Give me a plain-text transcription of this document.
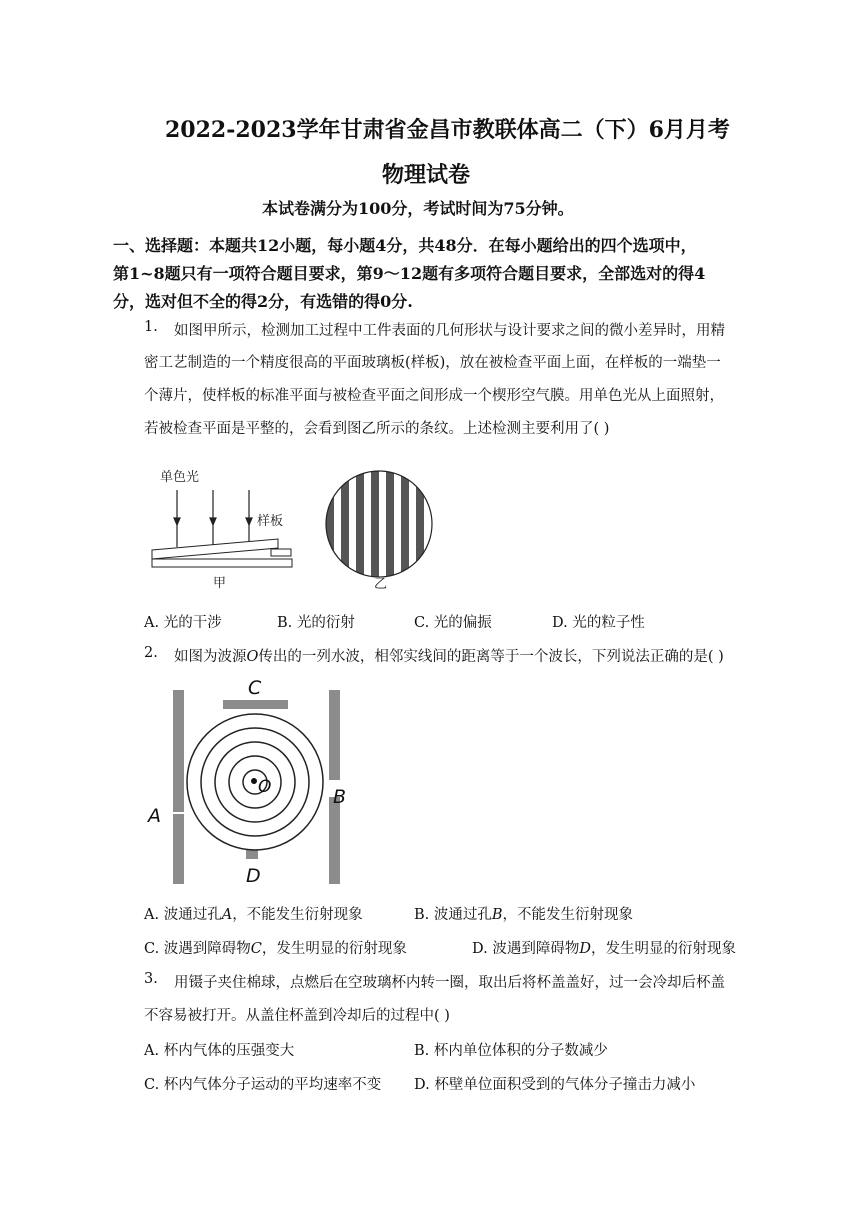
2022-2023学年甘肃省金昌市教联体高二（下）6月月考
物理试卷
本试卷满分为100分，考试时间为75分钟。
一、选择题：本题共12小题，每小题4分，共48分．在每小题给出的四个选项中，
第1~8题只有一项符合题目要求，第9～12题有多项符合题目要求，全部选对的得4
分，选对但不全的得2分，有选错的得0分.
1. 如图甲所示，检测加工过程中工件表面的几何形状与设计要求之间的微小差异时，用精
密工艺制造的一个精度很高的平面玻璃板(样板)，放在被检查平面上面，在样板的一端垫一
个薄片，使样板的标准平面与被检查平面之间形成一个楔形空气膜。用单色光从上面照射，
若被检查平面是平整的，会看到图乙所示的条纹。上述检测主要利用了( )
单色光
样板
甲	乙
A. 光的干涉	B. 光的衍射	C. 光的偏振	D. 光的粒子性
2. 如图为波源O传出的一列水波，相邻实线间的距离等于一个波长，下列说法正确的是( )
O
C
B
A
D
A. 波通过孔A，不能发生衍射现象	B. 波通过孔B，不能发生衍射现象
C. 波遇到障碍物C，发生明显的衍射现象	D. 波遇到障碍物D，发生明显的衍射现象
3. 用镊子夹住棉球，点燃后在空玻璃杯内转一圈，取出后将杯盖盖好，过一会冷却后杯盖
不容易被打开。从盖住杯盖到冷却后的过程中( )
A. 杯内气体的压强变大	B. 杯内单位体积的分子数减少
C. 杯内气体分子运动的平均速率不变 D. 杯壁单位面积受到的气体分子撞击力减小
